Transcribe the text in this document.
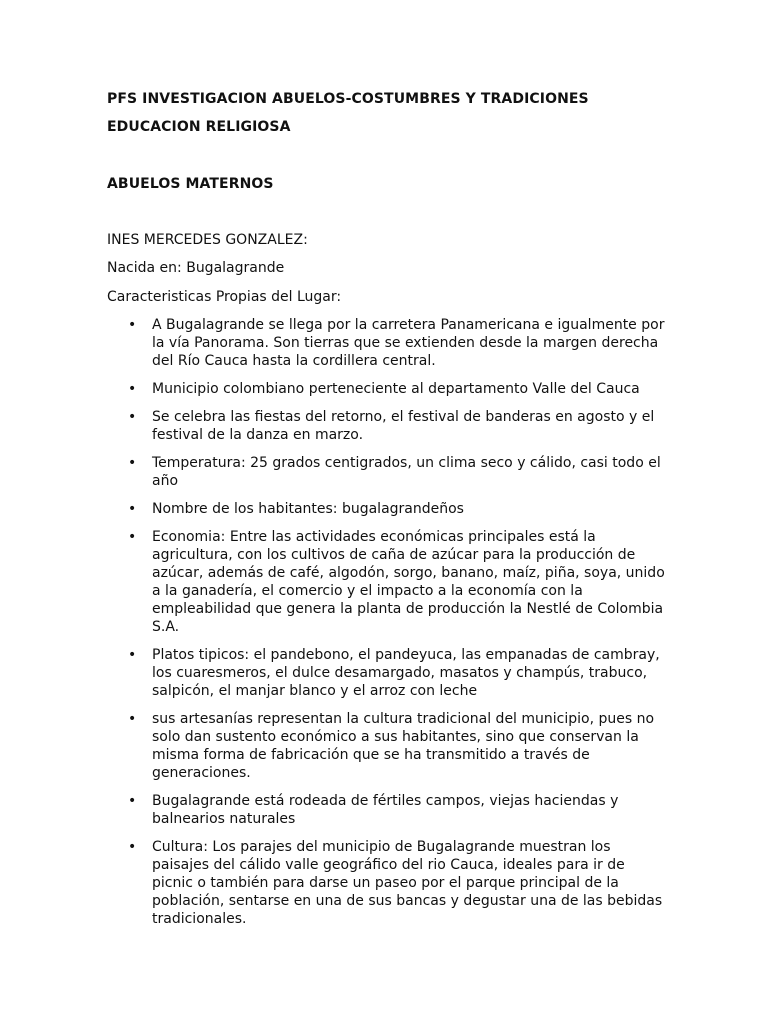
PFS INVESTIGACION ABUELOS-COSTUMBRES Y TRADICIONES
EDUCACION RELIGIOSA
ABUELOS MATERNOS

INES MERCEDES GONZALEZ:

Nacida en: Bugalagrande

Caracteristicas Propias del Lugar:

• A Bugalagrande se llega por la carretera Panamericana e igualmente por la vía Panorama. Son tierras que se extienden desde la margen derecha del Río Cauca hasta la cordillera central.
• Municipio colombiano perteneciente al departamento Valle del Cauca
• Se celebra las fiestas del retorno, el festival de banderas en agosto y el festival de la danza en marzo.
• Temperatura: 25 grados centigrados, un clima seco y cálido, casi todo el año
• Nombre de los habitantes: bugalagrandeños
• Economia: Entre las actividades económicas principales está la agricultura, con los cultivos de caña de azúcar para la producción de azúcar, además de café, algodón, sorgo, banano, maíz, piña, soya, unido a la ganadería, el comercio y el impacto a la economía con la empleabilidad que genera la planta de producción la Nestlé de Colombia S.A.
• Platos tipicos: el pandebono, el pandeyuca, las empanadas de cambray, los cuaresmeros, el dulce desamargado, masatos y champús, trabuco, salpicón, el manjar blanco y el arroz con leche
• sus artesanías representan la cultura tradicional del municipio, pues no solo dan sustento económico a sus habitantes, sino que conservan la misma forma de fabricación que se ha transmitido a través de generaciones.
• Bugalagrande está rodeada de fértiles campos, viejas haciendas y balnearios naturales
• Cultura: Los parajes del municipio de Bugalagrande muestran los paisajes del cálido valle geográfico del rio Cauca, ideales para ir de picnic o también para darse un paseo por el parque principal de la población, sentarse en una de sus bancas y degustar una de las bebidas tradicionales.
